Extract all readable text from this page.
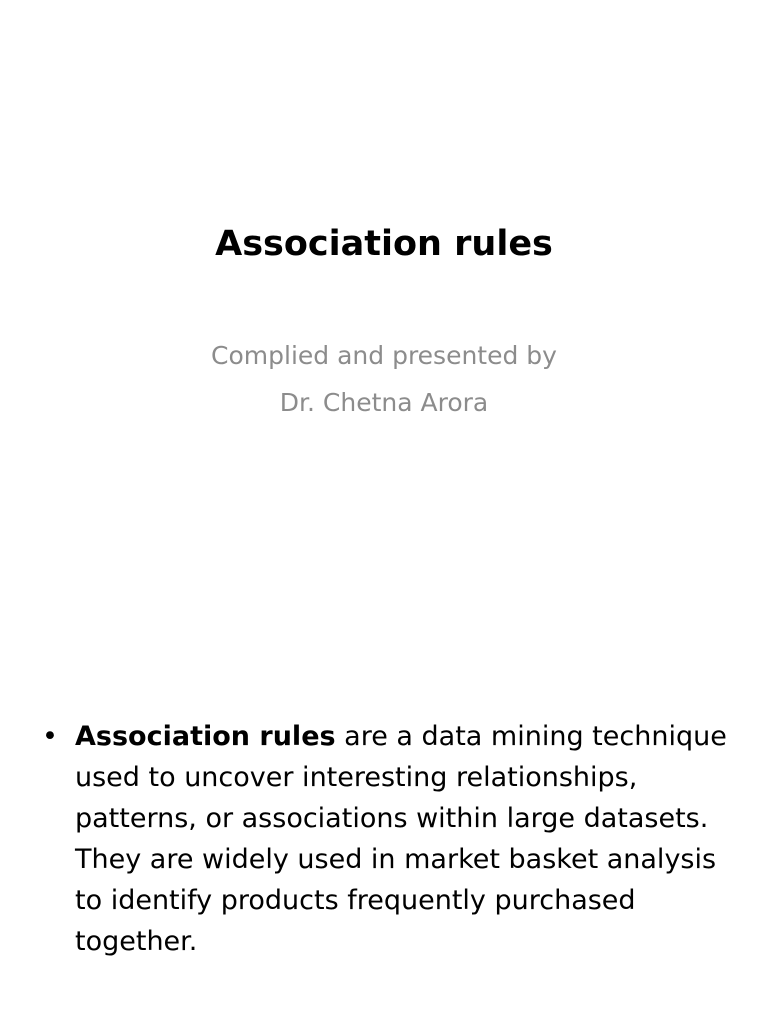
Association rules
Complied and presented by
Dr. Chetna Arora
• Association rules are a data mining technique used to uncover interesting relationships, patterns, or associations within large datasets. They are widely used in market basket analysis to identify products frequently purchased together.
